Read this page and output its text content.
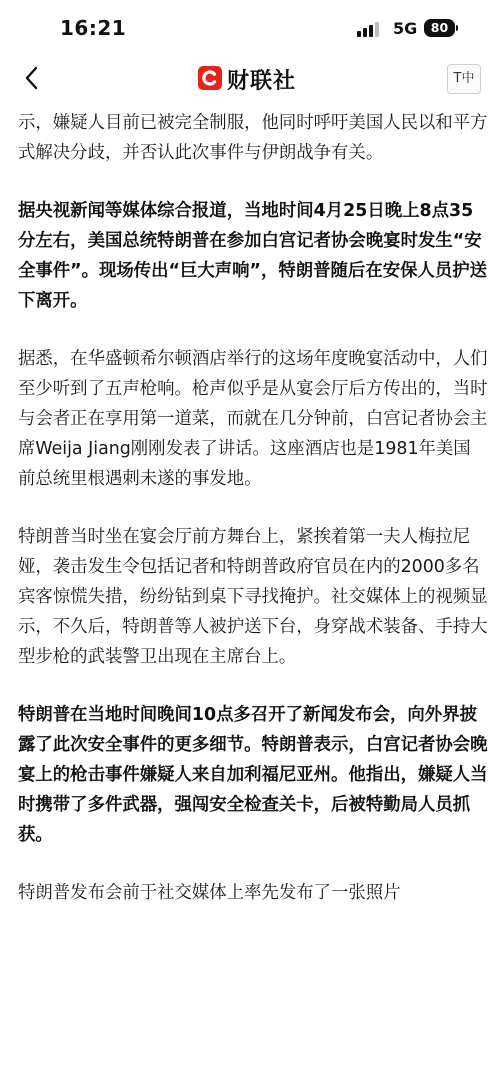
16:21	5G	80
财联社	T中

示，嫌疑人目前已被完全制服，他同时呼吁美国人民以和平方式解决分歧，并否认此次事件与伊朗战争有关。

据央视新闻等媒体综合报道，当地时间4月25日晚上8点35分左右，美国总统特朗普在参加白宫记者协会晚宴时发生“安全事件”。现场传出“巨大声响”，特朗普随后在安保人员护送下离开。

据悉，在华盛顿希尔顿酒店举行的这场年度晚宴活动中，人们至少听到了五声枪响。枪声似乎是从宴会厅后方传出的，当时与会者正在享用第一道菜，而就在几分钟前，白宫记者协会主席Weija Jiang刚刚发表了讲话。这座酒店也是1981年美国前总统里根遇刺未遂的事发地。

特朗普当时坐在宴会厅前方舞台上，紧挨着第一夫人梅拉尼娅，袭击发生令包括记者和特朗普政府官员在内的2000多名宾客惊慌失措，纷纷钻到桌下寻找掩护。社交媒体上的视频显示，不久后，特朗普等人被护送下台，身穿战术装备、手持大型步枪的武装警卫出现在主席台上。

特朗普在当地时间晚间10点多召开了新闻发布会，向外界披露了此次安全事件的更多细节。特朗普表示，白宫记者协会晚宴上的枪击事件嫌疑人来自加利福尼亚州。他指出，嫌疑人当时携带了多件武器，强闯安全检查关卡，后被特勤局人员抓获。

特朗普发布会前于社交媒体上率先发布了一张照片
